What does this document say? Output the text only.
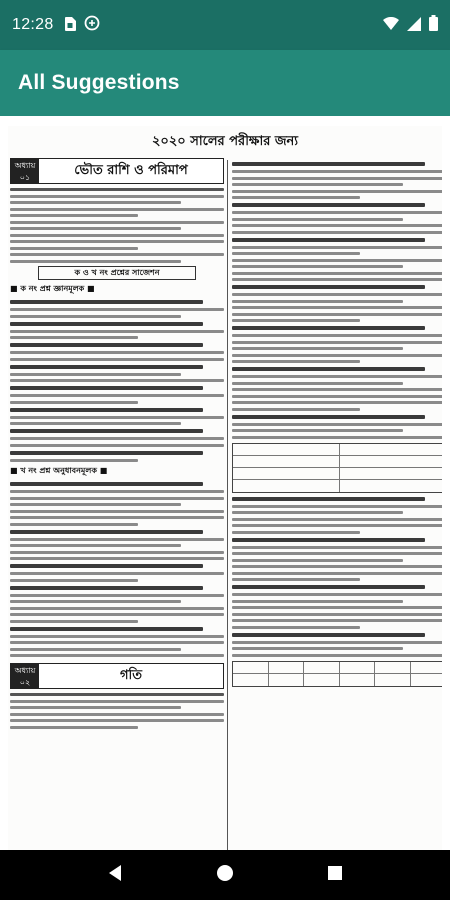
12:28
All Suggestions
২০২০ সালের পরীক্ষার জন্য
অধ্যায়
০১	ভৌত রাশি ও পরিমাপ
ক ও খ নং প্রশ্নের সাজেশন
■ ক নং প্রশ্ন জ্ঞানমূলক ■
■ খ নং প্রশ্ন অনুধাবনমূলক ■
অধ্যায়
০২	গতি
